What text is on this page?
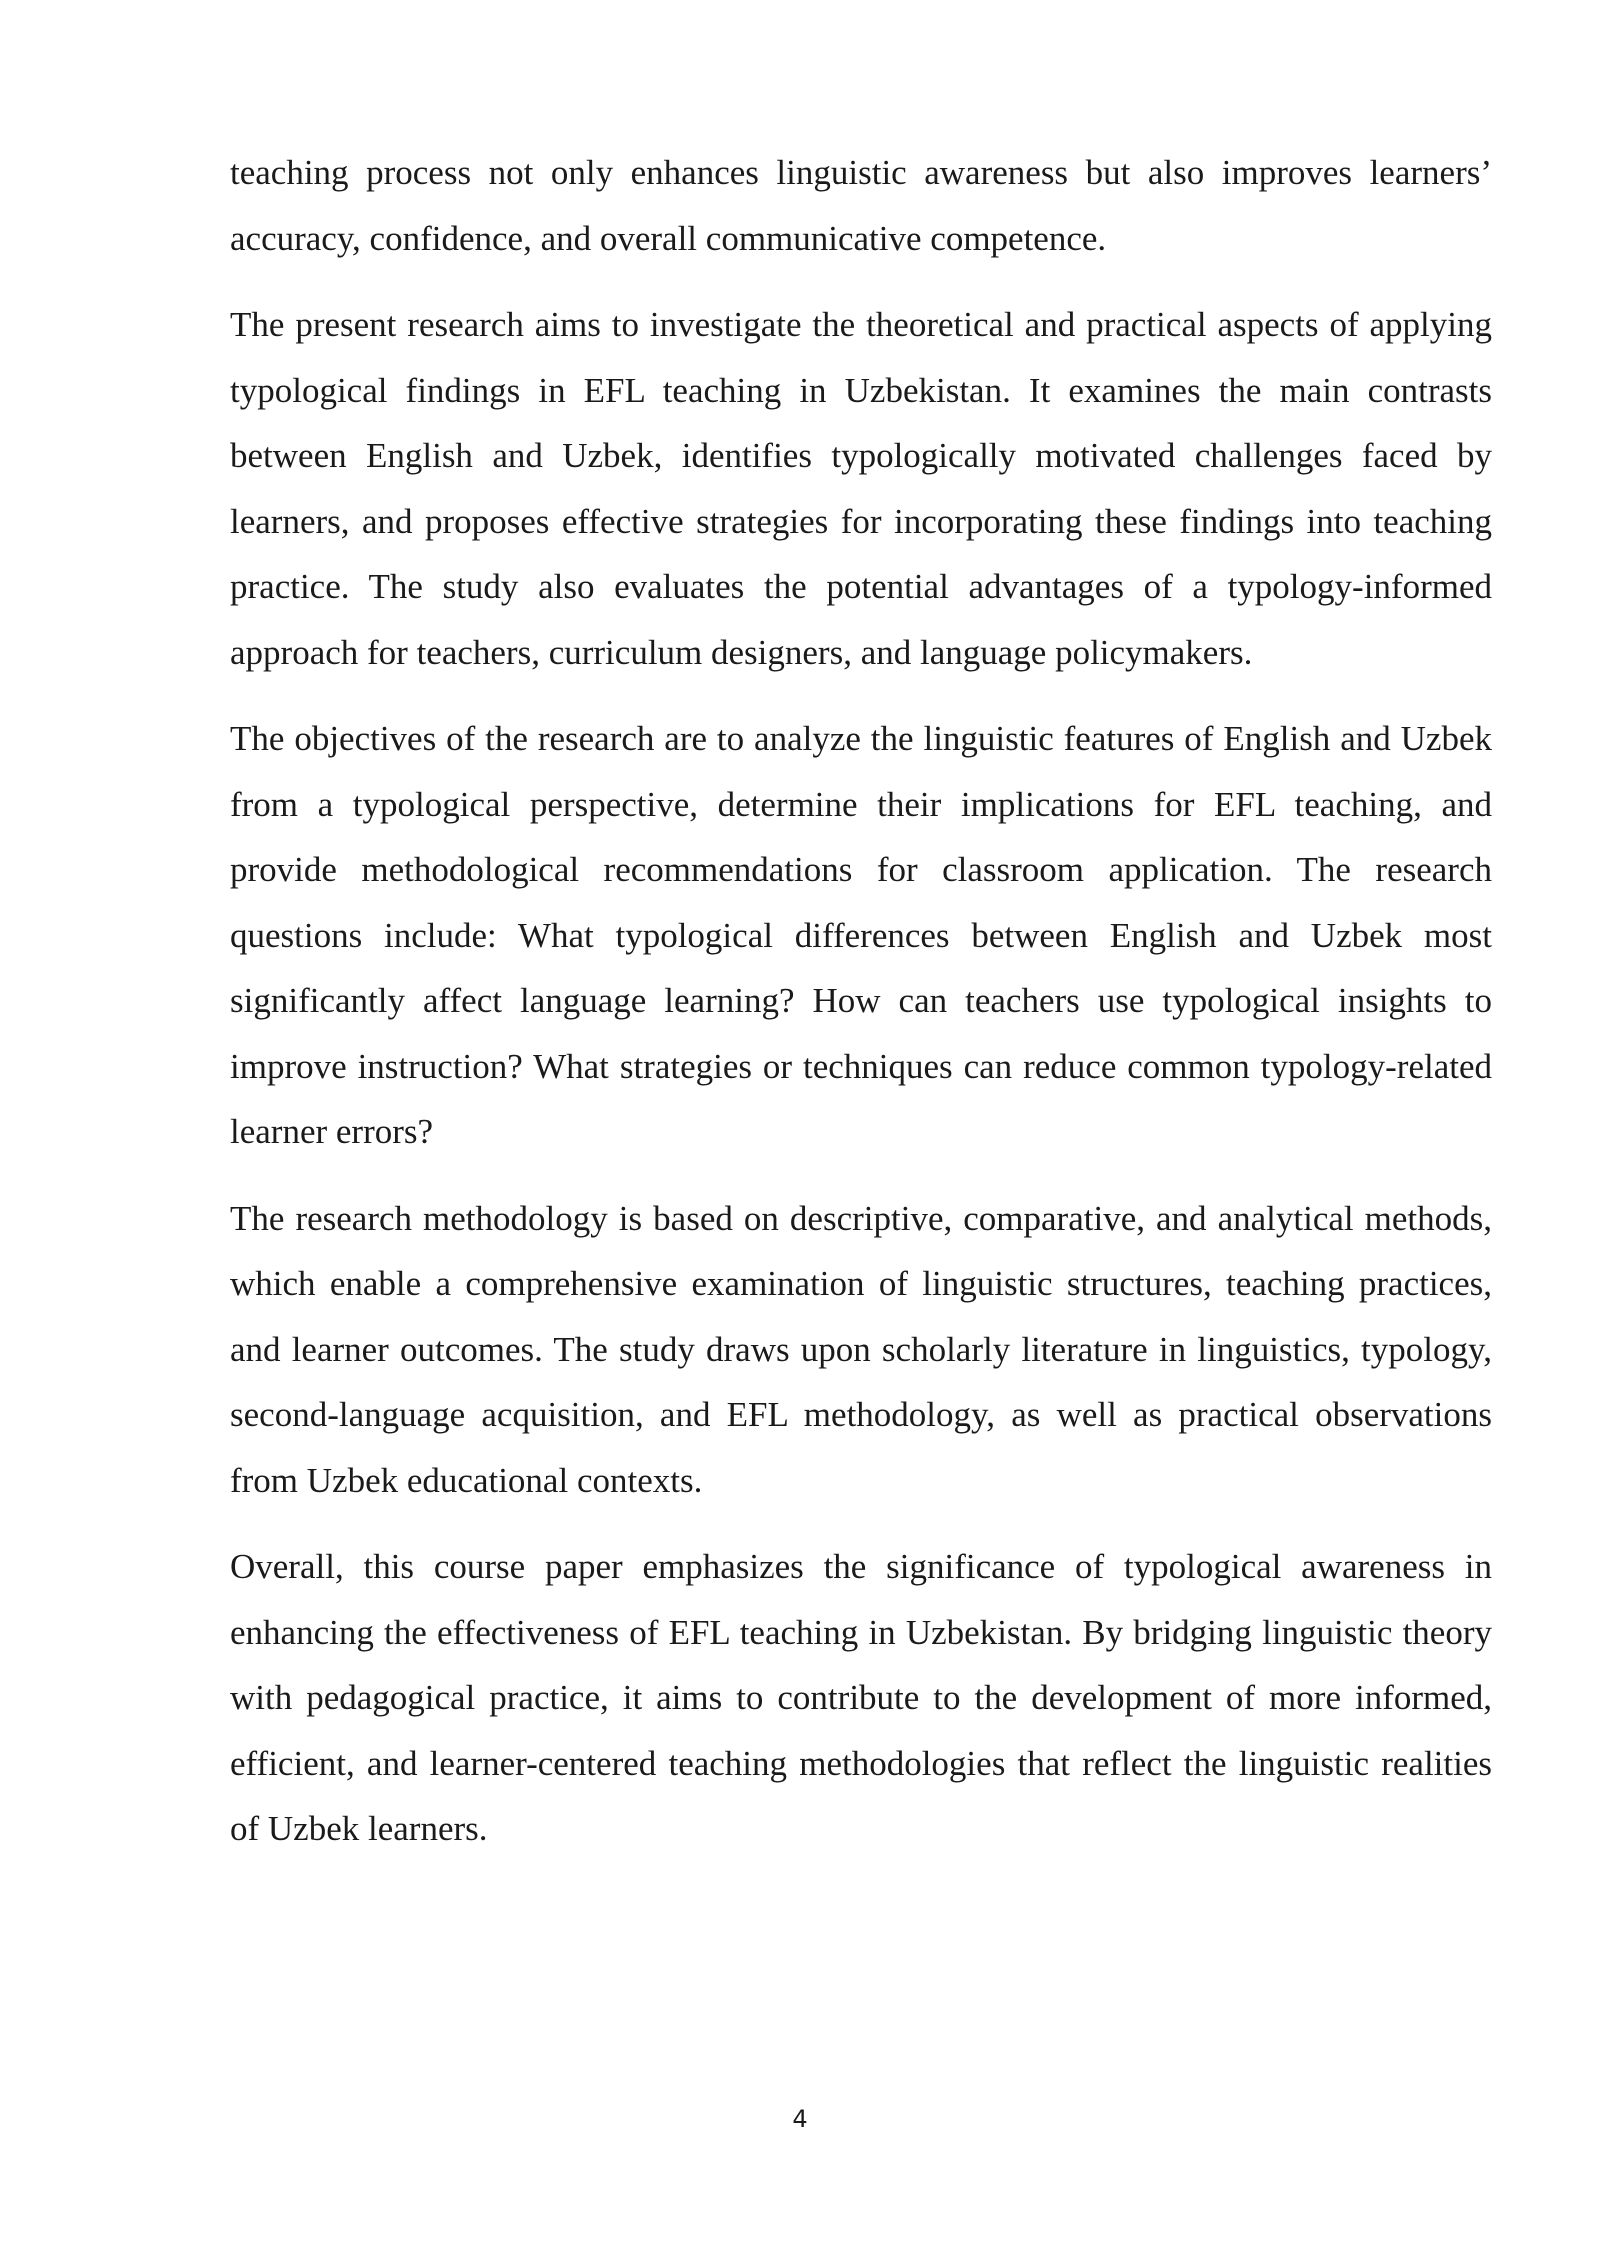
teaching process not only enhances linguistic awareness but also improves learners’ accuracy, confidence, and overall communicative competence.

The present research aims to investigate the theoretical and practical aspects of applying typological findings in EFL teaching in Uzbekistan. It examines the main contrasts between English and Uzbek, identifies typologically motivated challenges faced by learners, and proposes effective strategies for incorporating these findings into teaching practice. The study also evaluates the potential advantages of a typology-informed approach for teachers, curriculum designers, and language policymakers.

The objectives of the research are to analyze the linguistic features of English and Uzbek from a typological perspective, determine their implications for EFL teaching, and provide methodological recommendations for classroom application. The research questions include: What typological differences between English and Uzbek most significantly affect language learning? How can teachers use typological insights to improve instruction? What strategies or techniques can reduce common typology-related learner errors?

The research methodology is based on descriptive, comparative, and analytical methods, which enable a comprehensive examination of linguistic structures, teaching practices, and learner outcomes. The study draws upon scholarly literature in linguistics, typology, second-language acquisition, and EFL methodology, as well as practical observations from Uzbek educational contexts.

Overall, this course paper emphasizes the significance of typological awareness in enhancing the effectiveness of EFL teaching in Uzbekistan. By bridging linguistic theory with pedagogical practice, it aims to contribute to the development of more informed, efficient, and learner-centered teaching methodologies that reflect the linguistic realities of Uzbek learners.

4
